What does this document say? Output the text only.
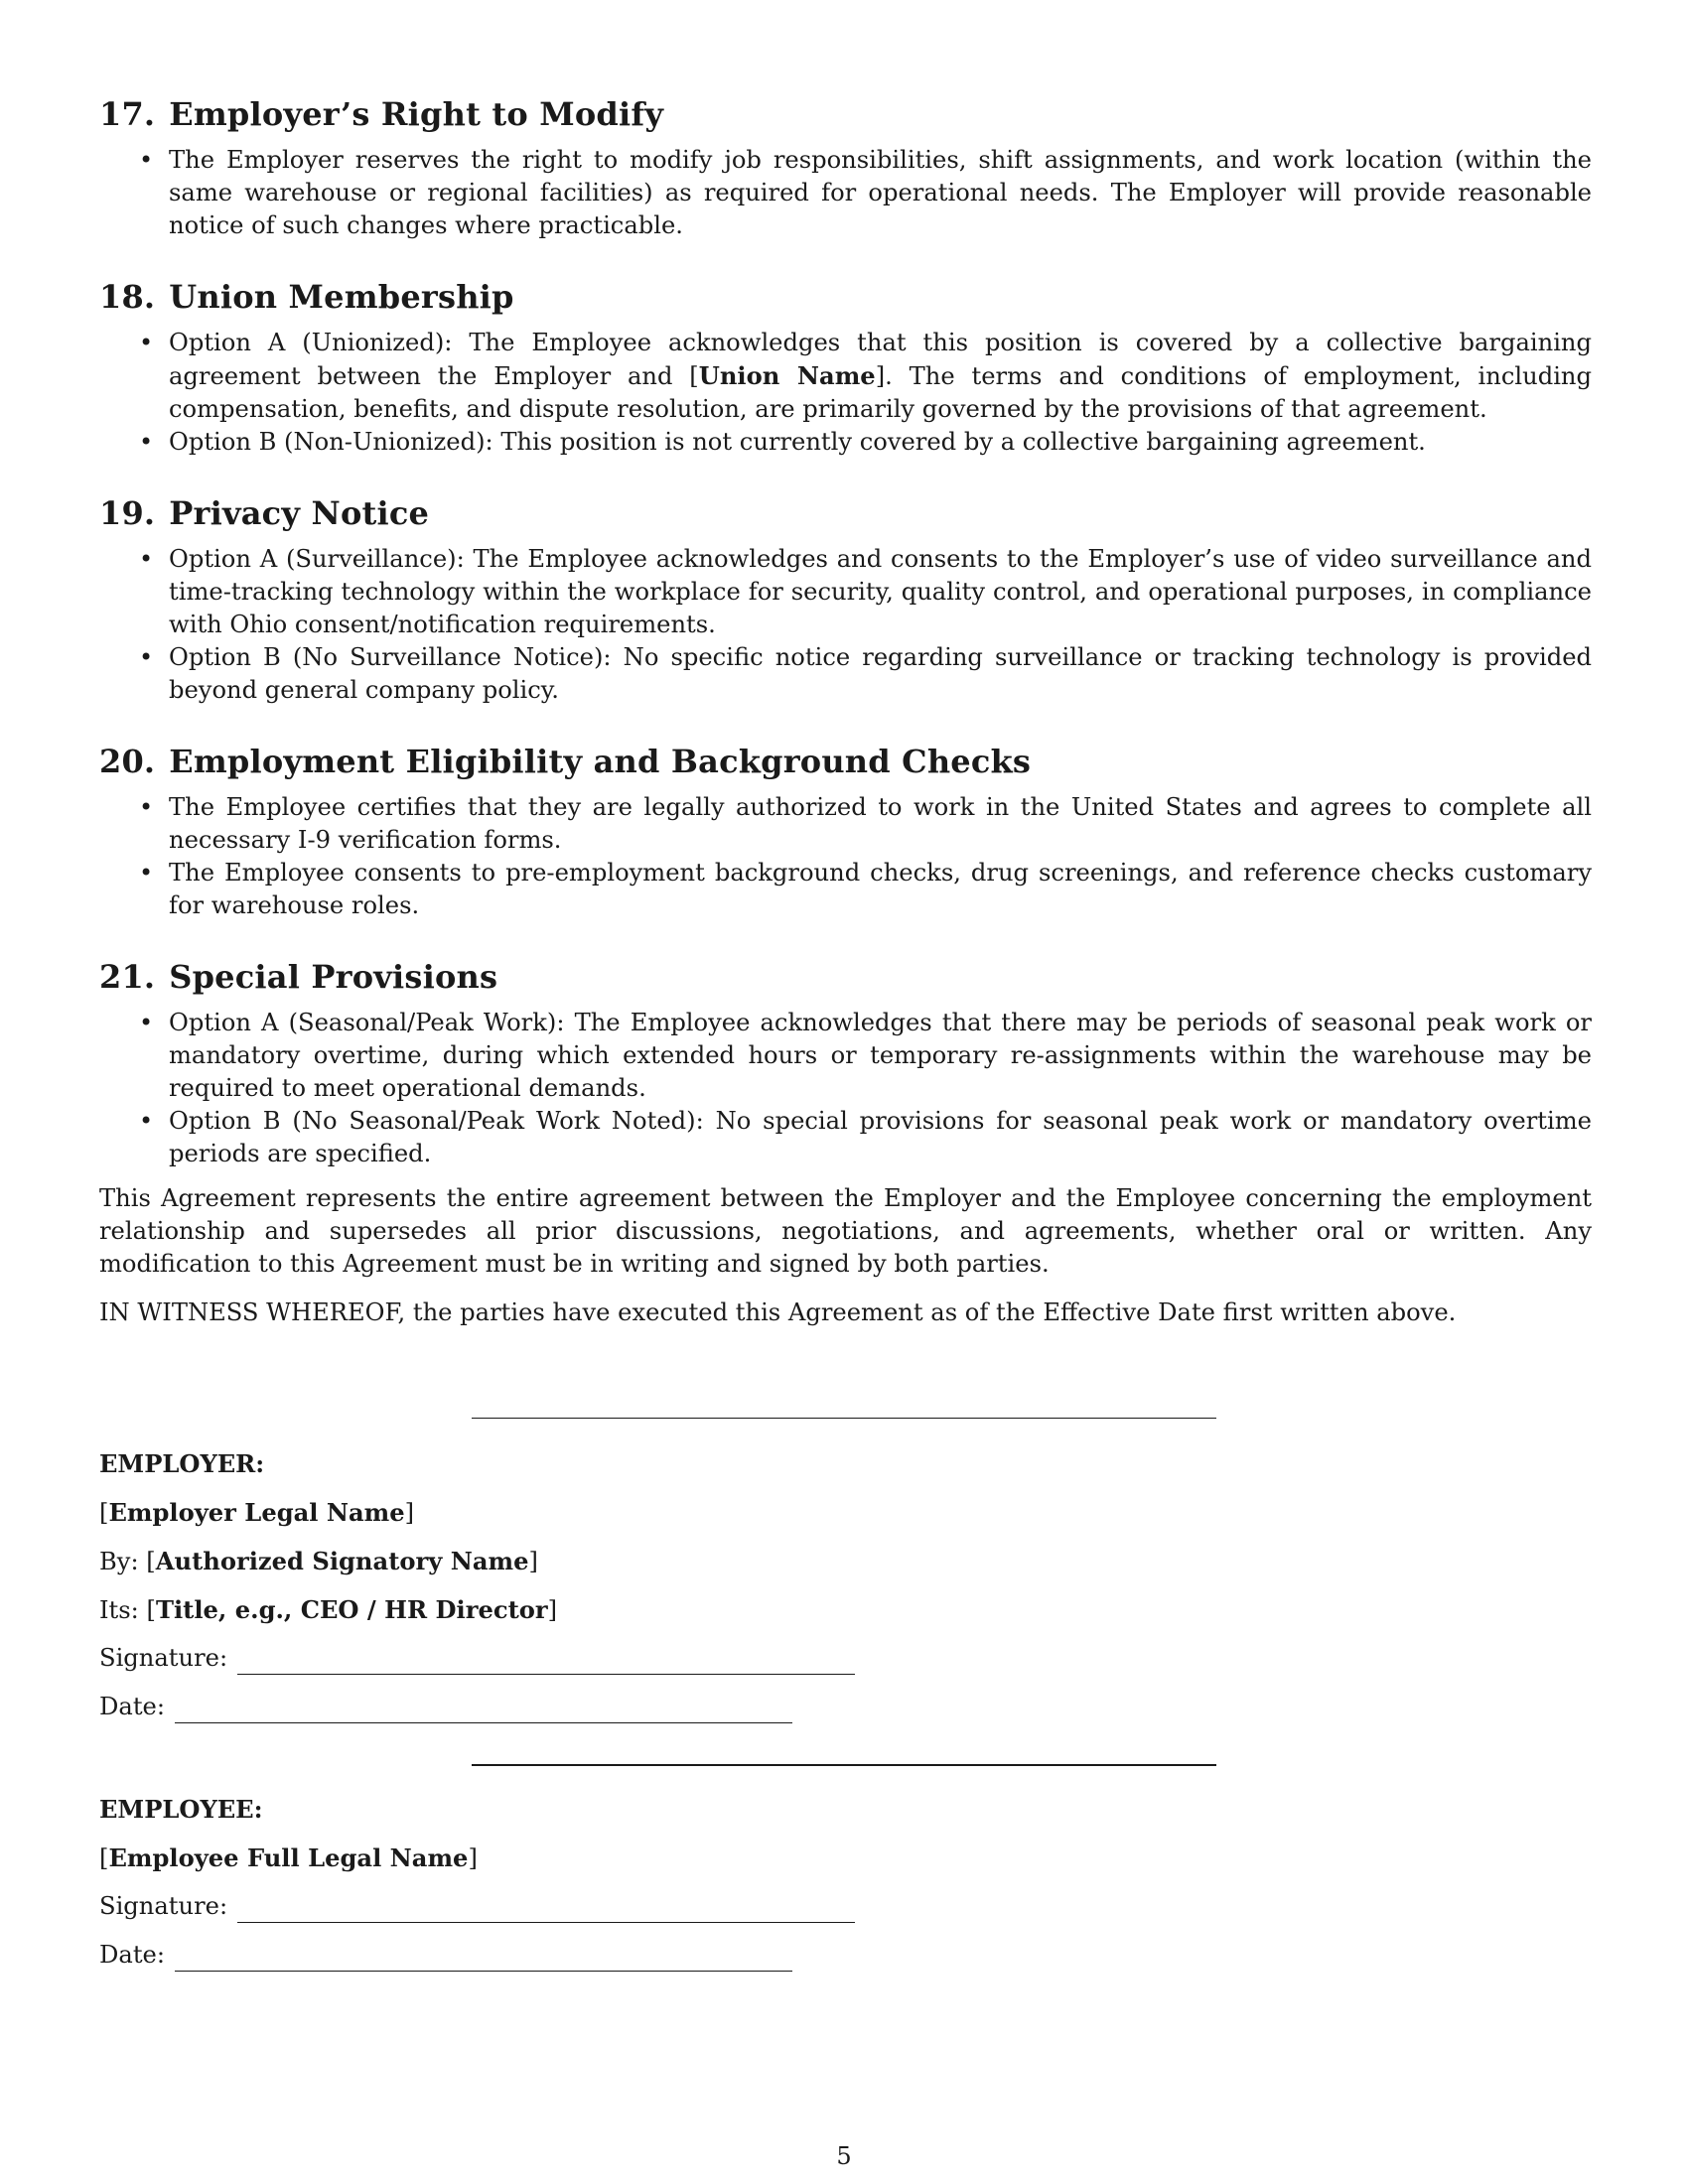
17. Employer’s Right to Modify
• The Employer reserves the right to modify job responsibilities, shift assignments, and work location (within the same warehouse or regional facilities) as required for operational needs. The Employer will provide reasonable notice of such changes where practicable.
18. Union Membership
• Option A (Unionized): The Employee acknowledges that this position is covered by a collective bargaining agreement between the Employer and [Union Name]. The terms and conditions of employment, including compensation, benefits, and dispute resolution, are primarily governed by the provisions of that agreement.
• Option B (Non-Unionized): This position is not currently covered by a collective bargaining agreement.
19. Privacy Notice
• Option A (Surveillance): The Employee acknowledges and consents to the Employer’s use of video surveillance and time-tracking technology within the workplace for security, quality control, and operational purposes, in compliance with Ohio consent/notification requirements.
• Option B (No Surveillance Notice): No specific notice regarding surveillance or tracking technology is provided beyond general company policy.
20. Employment Eligibility and Background Checks
• The Employee certifies that they are legally authorized to work in the United States and agrees to complete all necessary I-9 verification forms.
• The Employee consents to pre-employment background checks, drug screenings, and reference checks customary for warehouse roles.
21. Special Provisions
• Option A (Seasonal/Peak Work): The Employee acknowledges that there may be periods of seasonal peak work or mandatory overtime, during which extended hours or temporary re-assignments within the warehouse may be required to meet operational demands.
• Option B (No Seasonal/Peak Work Noted): No special provisions for seasonal peak work or mandatory overtime periods are specified.

This Agreement represents the entire agreement between the Employer and the Employee concerning the employment relationship and supersedes all prior discussions, negotiations, and agreements, whether oral or written. Any modification to this Agreement must be in writing and signed by both parties.

IN WITNESS WHEREOF, the parties have executed this Agreement as of the Effective Date first written above.

EMPLOYER:
[Employer Legal Name]
By: [Authorized Signatory Name]
Its: [Title, e.g., CEO / HR Director]
Signature:
Date:
EMPLOYEE:
[Employee Full Legal Name]
Signature:
Date:
5
